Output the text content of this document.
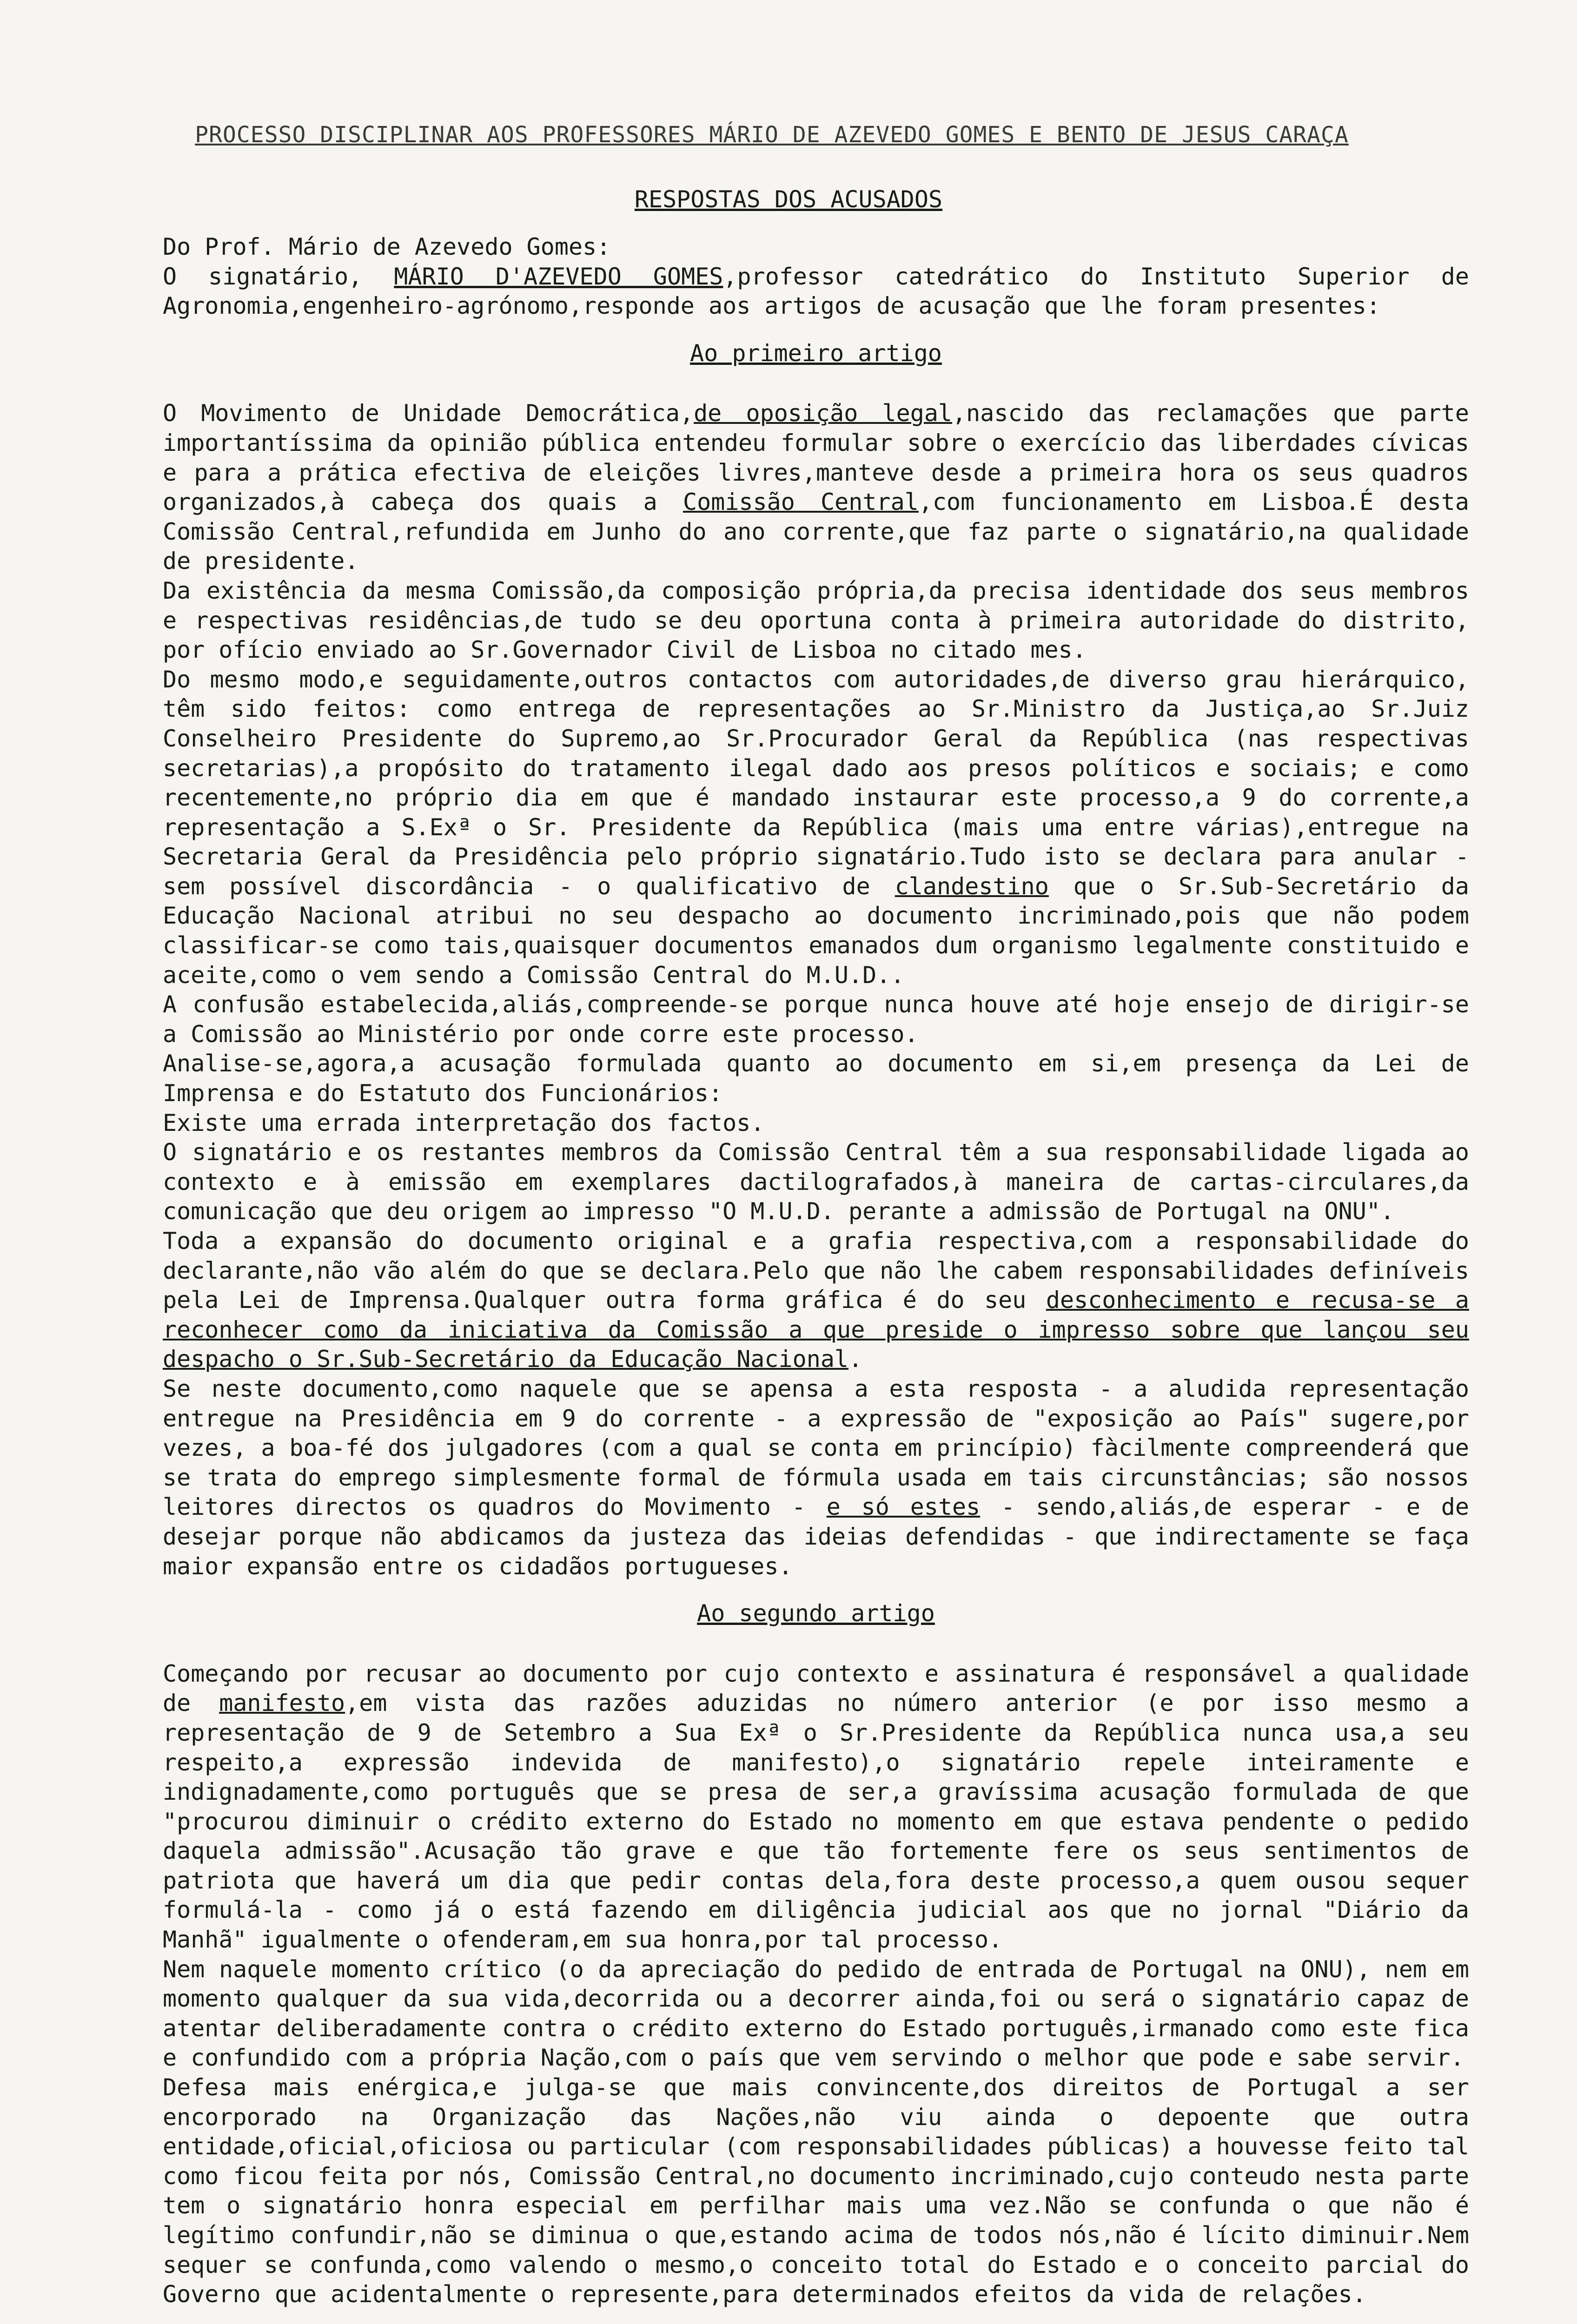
PROCESSO DISCIPLINAR AOS PROFESSORES MÁRIO DE AZEVEDO GOMES E BENTO DE JESUS CARAÇA
RESPOSTAS DOS ACUSADOS

Do Prof. Mário de Azevedo Gomes:

O signatário, MÁRIO D'AZEVEDO GOMES,professor catedrático do Instituto Superior de Agronomia,engenheiro-agrónomo,responde aos artigos de acusação que lhe foram presentes:

Ao primeiro artigo

O Movimento de Unidade Democrática,de oposição legal,nascido das reclamações que parte importantíssima da opinião pública entendeu formular sobre o exercício das liberdades cívicas e para a prática efectiva de eleições livres,manteve desde a primeira hora os seus quadros organizados,à cabeça dos quais a Comissão Central,com funcionamento em Lisboa.É desta Comissão Central,refundida em Junho do ano corrente,que faz parte o signatário,na qualidade de presidente.

Da existência da mesma Comissão,da composição própria,da precisa identidade dos seus membros e respectivas residências,de tudo se deu oportuna conta à primeira autoridade do distrito, por ofício enviado ao Sr.Governador Civil de Lisboa no citado mes.

Do mesmo modo,e seguidamente,outros contactos com autoridades,de diverso grau hierárquico, têm sido feitos: como entrega de representações ao Sr.Ministro da Justiça,ao Sr.Juiz Conselheiro Presidente do Supremo,ao Sr.Procurador Geral da República (nas respectivas secretarias),a propósito do tratamento ilegal dado aos presos políticos e sociais; e como recentemente,no próprio dia em que é mandado instaurar este processo,a 9 do corrente,a representação a S.Exª o Sr. Presidente da República (mais uma entre várias),entregue na Secretaria Geral da Presidência pelo próprio signatário.Tudo isto se declara para anular - sem possível discordância - o qualificativo de clandestino que o Sr.Sub-Secretário da Educação Nacional atribui no seu despacho ao documento incriminado,pois que não podem classificar-se como tais,quaisquer documentos emanados dum organismo legalmente constituido e aceite,como o vem sendo a Comissão Central do M.U.D..

A confusão estabelecida,aliás,compreende-se porque nunca houve até hoje ensejo de dirigir-se a Comissão ao Ministério por onde corre este processo.

Analise-se,agora,a acusação formulada quanto ao documento em si,em presença da Lei de Imprensa e do Estatuto dos Funcionários:

Existe uma errada interpretação dos factos.

O signatário e os restantes membros da Comissão Central têm a sua responsabilidade ligada ao contexto e à emissão em exemplares dactilografados,à maneira de cartas-circulares,da comunicação que deu origem ao impresso "O M.U.D. perante a admissão de Portugal na ONU".

Toda a expansão do documento original e a grafia respectiva,com a responsabilidade do declarante,não vão além do que se declara.Pelo que não lhe cabem responsabilidades definíveis pela Lei de Imprensa.Qualquer outra forma gráfica é do seu desconhecimento e recusa-se a reconhecer como da iniciativa da Comissão a que preside o impresso sobre que lançou seu despacho o Sr.Sub-Secretário da Educação Nacional.

Se neste documento,como naquele que se apensa a esta resposta - a aludida representação entregue na Presidência em 9 do corrente - a expressão de "exposição ao País" sugere,por vezes, a boa-fé dos julgadores (com a qual se conta em princípio) fàcilmente compreenderá que se trata do emprego simplesmente formal de fórmula usada em tais circunstâncias; são nossos leitores directos os quadros do Movimento - e só estes - sendo,aliás,de esperar - e de desejar porque não abdicamos da justeza das ideias defendidas - que indirectamente se faça maior expansão entre os cidadãos portugueses.

Ao segundo artigo

Começando por recusar ao documento por cujo contexto e assinatura é responsável a qualidade de manifesto,em vista das razões aduzidas no número anterior (e por isso mesmo a representação de 9 de Setembro a Sua Exª o Sr.Presidente da República nunca usa,a seu respeito,a expressão indevida de manifesto),o signatário repele inteiramente e indignadamente,como português que se presa de ser,a gravíssima acusação formulada de que "procurou diminuir o crédito externo do Estado no momento em que estava pendente o pedido daquela admissão".Acusação tão grave e que tão fortemente fere os seus sentimentos de patriota que haverá um dia que pedir contas dela,fora deste processo,a quem ousou sequer formulá-la - como já o está fazendo em diligência judicial aos que no jornal "Diário da Manhã" igualmente o ofenderam,em sua honra,por tal processo.

Nem naquele momento crítico (o da apreciação do pedido de entrada de Portugal na ONU), nem em momento qualquer da sua vida,decorrida ou a decorrer ainda,foi ou será o signatário capaz de atentar deliberadamente contra o crédito externo do Estado português,irmanado como este fica e confundido com a própria Nação,com o país que vem servindo o melhor que pode e sabe servir.

Defesa mais enérgica,e julga-se que mais convincente,dos direitos de Portugal a ser encorporado na Organização das Nações,não viu ainda o depoente que outra entidade,oficial,oficiosa ou particular (com responsabilidades públicas) a houvesse feito tal como ficou feita por nós, Comissão Central,no documento incriminado,cujo conteudo nesta parte tem o signatário honra especial em perfilhar mais uma vez.Não se confunda o que não é legítimo confundir,não se diminua o que,estando acima de todos nós,não é lícito diminuir.Nem sequer se confunda,como valendo o mesmo,o conceito total do Estado e o conceito parcial do Governo que acidentalmente o represente,para determinados efeitos da vida de relações.
